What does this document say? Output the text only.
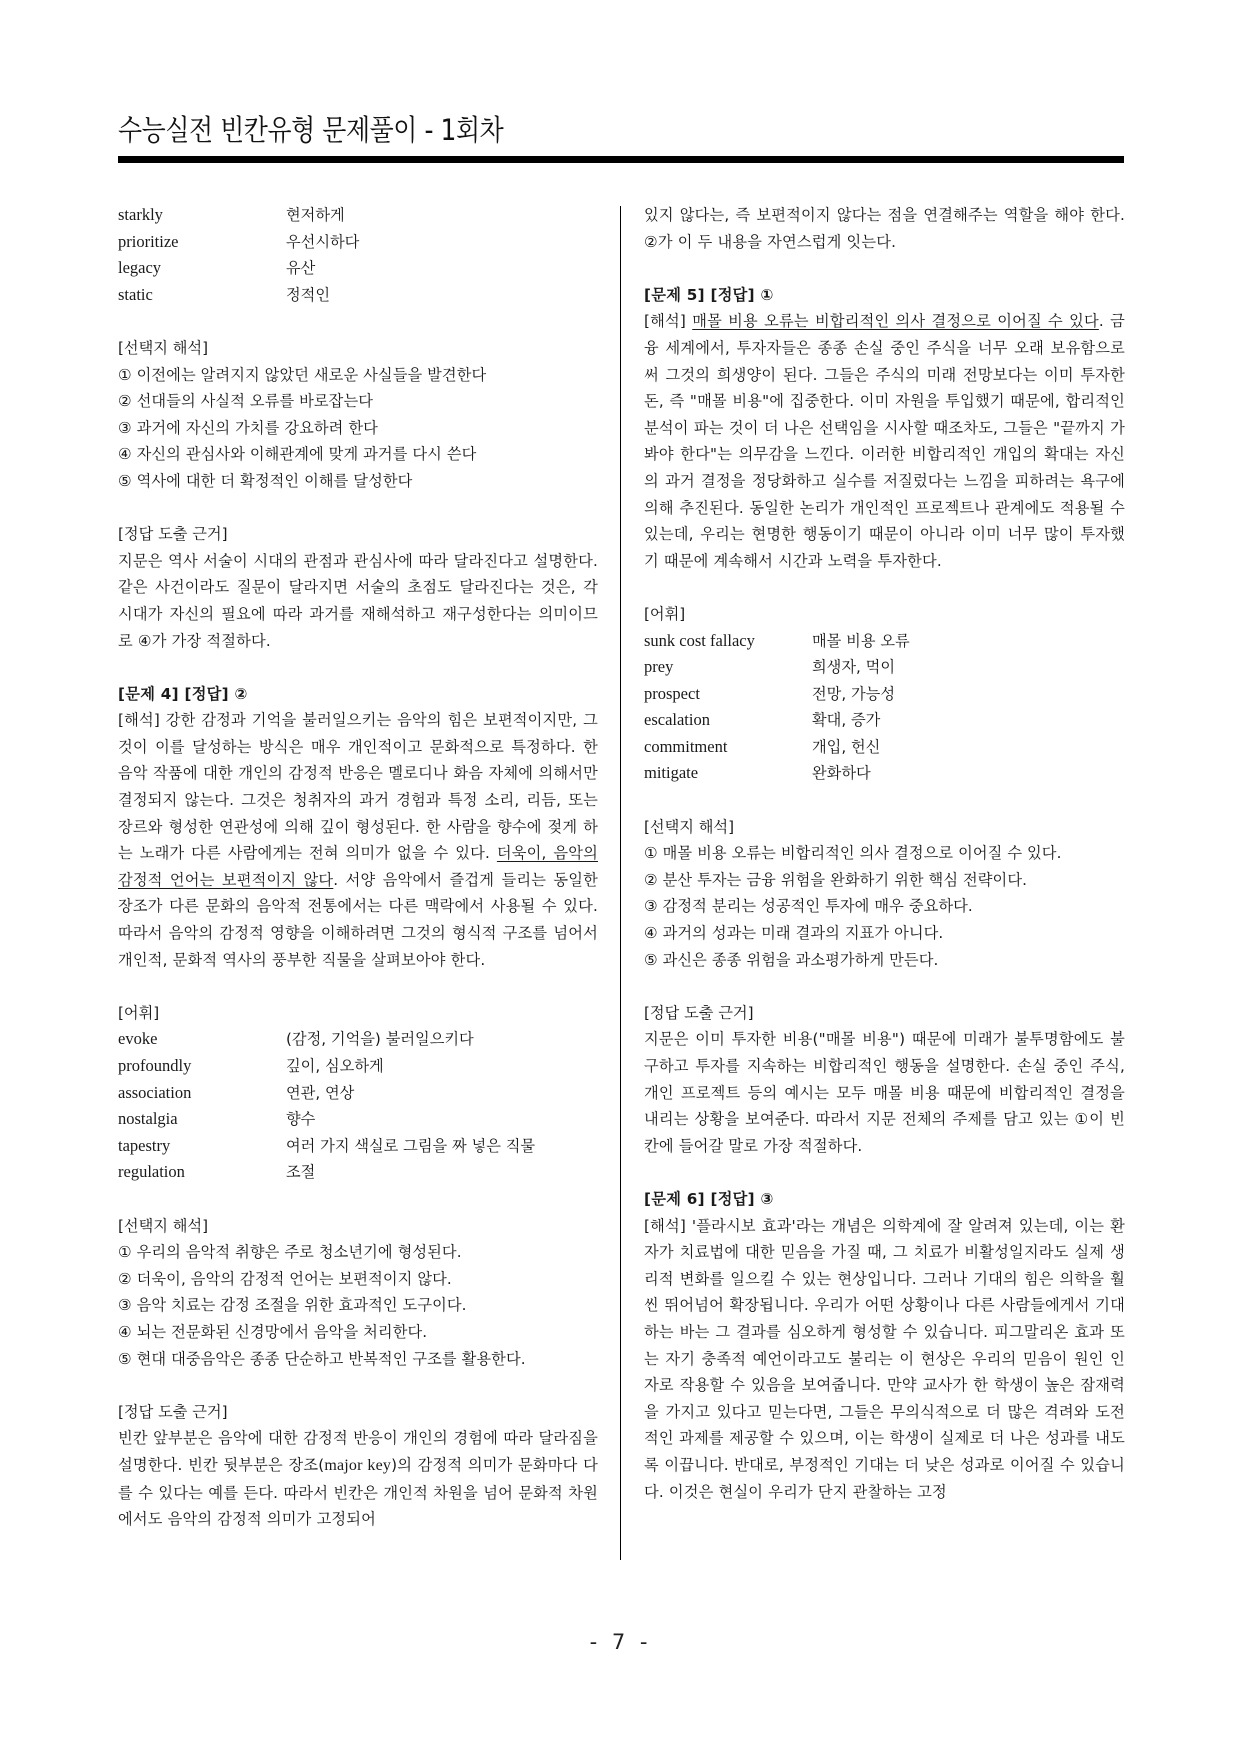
수능실전 빈칸유형 문제풀이 - 1회차
starkly	현저하게
prioritize	우선시하다
legacy	유산
static	정적인

[선택지 해석]

① 이전에는 알려지지 않았던 새로운 사실들을 발견한다

② 선대들의 사실적 오류를 바로잡는다

③ 과거에 자신의 가치를 강요하려 한다

④ 자신의 관심사와 이해관계에 맞게 과거를 다시 쓴다

⑤ 역사에 대한 더 확정적인 이해를 달성한다

[정답 도출 근거]

지문은 역사 서술이 시대의 관점과 관심사에 따라 달라진다고 설명한다. 같은 사건이라도 질문이 달라지면 서술의 초점도 달라진다는 것은, 각 시대가 자신의 필요에 따라 과거를 재해석하고 재구성한다는 의미이므로 ④가 가장 적절하다.

[문제 4] [정답] ②

[해석] 강한 감정과 기억을 불러일으키는 음악의 힘은 보편적이지만, 그것이 이를 달성하는 방식은 매우 개인적이고 문화적으로 특정하다. 한 음악 작품에 대한 개인의 감정적 반응은 멜로디나 화음 자체에 의해서만 결정되지 않는다. 그것은 청취자의 과거 경험과 특정 소리, 리듬, 또는 장르와 형성한 연관성에 의해 깊이 형성된다. 한 사람을 향수에 젖게 하는 노래가 다른 사람에게는 전혀 의미가 없을 수 있다. 더욱이, 음악의 감정적 언어는 보편적이지 않다. 서양 음악에서 즐겁게 들리는 동일한 장조가 다른 문화의 음악적 전통에서는 다른 맥락에서 사용될 수 있다. 따라서 음악의 감정적 영향을 이해하려면 그것의 형식적 구조를 넘어서 개인적, 문화적 역사의 풍부한 직물을 살펴보아야 한다.

[어휘]

evoke	(감정, 기억을) 불러일으키다
profoundly	깊이, 심오하게
association	연관, 연상
nostalgia	향수
tapestry	여러 가지 색실로 그림을 짜 넣은 직물
regulation	조절

[선택지 해석]

① 우리의 음악적 취향은 주로 청소년기에 형성된다.

② 더욱이, 음악의 감정적 언어는 보편적이지 않다.

③ 음악 치료는 감정 조절을 위한 효과적인 도구이다.

④ 뇌는 전문화된 신경망에서 음악을 처리한다.

⑤ 현대 대중음악은 종종 단순하고 반복적인 구조를 활용한다.

[정답 도출 근거]

빈칸 앞부분은 음악에 대한 감정적 반응이 개인의 경험에 따라 달라짐을 설명한다. 빈칸 뒷부분은 장조(major key)의 감정적 의미가 문화마다 다를 수 있다는 예를 든다. 따라서 빈칸은 개인적 차원을 넘어 문화적 차원에서도 음악의 감정적 의미가 고정되어

있지 않다는, 즉 보편적이지 않다는 점을 연결해주는 역할을 해야 한다. ②가 이 두 내용을 자연스럽게 잇는다.

[문제 5] [정답] ①

[해석] 매몰 비용 오류는 비합리적인 의사 결정으로 이어질 수 있다. 금융 세계에서, 투자자들은 종종 손실 중인 주식을 너무 오래 보유함으로써 그것의 희생양이 된다. 그들은 주식의 미래 전망보다는 이미 투자한 돈, 즉 "매몰 비용"에 집중한다. 이미 자원을 투입했기 때문에, 합리적인 분석이 파는 것이 더 나은 선택임을 시사할 때조차도, 그들은 "끝까지 가봐야 한다"는 의무감을 느낀다. 이러한 비합리적인 개입의 확대는 자신의 과거 결정을 정당화하고 실수를 저질렀다는 느낌을 피하려는 욕구에 의해 추진된다. 동일한 논리가 개인적인 프로젝트나 관계에도 적용될 수 있는데, 우리는 현명한 행동이기 때문이 아니라 이미 너무 많이 투자했기 때문에 계속해서 시간과 노력을 투자한다.

[어휘]

sunk cost fallacy	매몰 비용 오류
prey	희생자, 먹이
prospect	전망, 가능성
escalation	확대, 증가
commitment	개입, 헌신
mitigate	완화하다

[선택지 해석]

① 매몰 비용 오류는 비합리적인 의사 결정으로 이어질 수 있다.

② 분산 투자는 금융 위험을 완화하기 위한 핵심 전략이다.

③ 감정적 분리는 성공적인 투자에 매우 중요하다.

④ 과거의 성과는 미래 결과의 지표가 아니다.

⑤ 과신은 종종 위험을 과소평가하게 만든다.

[정답 도출 근거]

지문은 이미 투자한 비용("매몰 비용") 때문에 미래가 불투명함에도 불구하고 투자를 지속하는 비합리적인 행동을 설명한다. 손실 중인 주식, 개인 프로젝트 등의 예시는 모두 매몰 비용 때문에 비합리적인 결정을 내리는 상황을 보여준다. 따라서 지문 전체의 주제를 담고 있는 ①이 빈칸에 들어갈 말로 가장 적절하다.

[문제 6] [정답] ③

[해석] '플라시보 효과'라는 개념은 의학계에 잘 알려져 있는데, 이는 환자가 치료법에 대한 믿음을 가질 때, 그 치료가 비활성일지라도 실제 생리적 변화를 일으킬 수 있는 현상입니다. 그러나 기대의 힘은 의학을 훨씬 뛰어넘어 확장됩니다. 우리가 어떤 상황이나 다른 사람들에게서 기대하는 바는 그 결과를 심오하게 형성할 수 있습니다. 피그말리온 효과 또는 자기 충족적 예언이라고도 불리는 이 현상은 우리의 믿음이 원인 인자로 작용할 수 있음을 보여줍니다. 만약 교사가 한 학생이 높은 잠재력을 가지고 있다고 믿는다면, 그들은 무의식적으로 더 많은 격려와 도전적인 과제를 제공할 수 있으며, 이는 학생이 실제로 더 나은 성과를 내도록 이끕니다. 반대로, 부정적인 기대는 더 낮은 성과로 이어질 수 있습니다. 이것은 현실이 우리가 단지 관찰하는 고정

- 7 -
